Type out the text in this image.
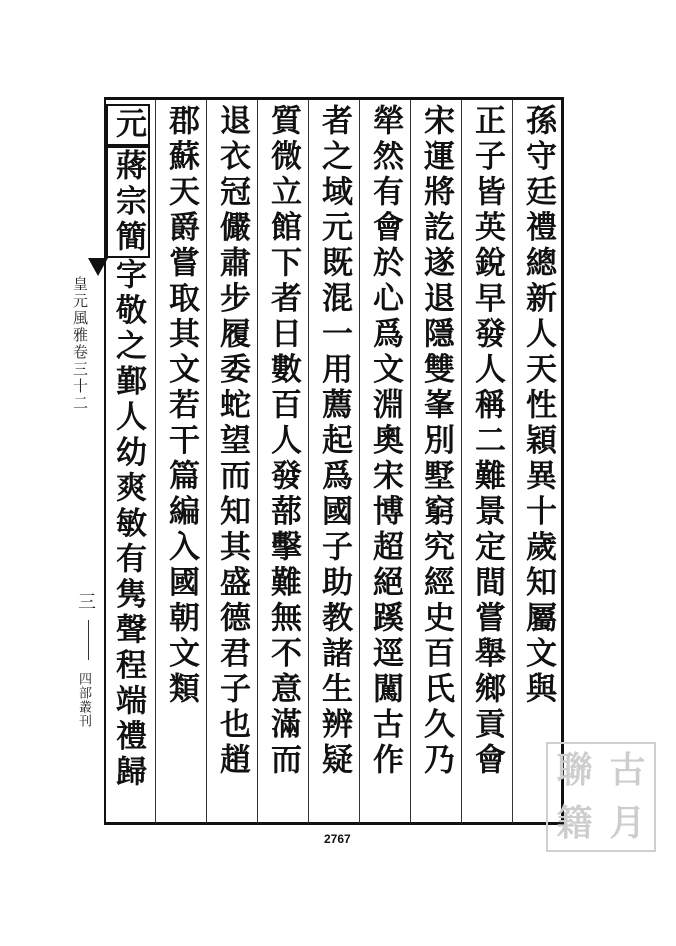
皇元風雅卷三十二
三
四部叢刊	孫守廷禮總新人天性穎異十歲知屬文與
正子皆英銳早發人稱二難景定間嘗舉鄉貢會
宋運將訖遂退隱雙峯別墅窮究經史百氏久乃
犖然有會於心爲文淵奧宋博超絕蹊逕闖古作
者之域元既混一用薦起爲國子助教諸生辨疑
質微立館下者日數百人發蔀擊難無不意滿而
退衣冠儼肅步履委蛇望而知其盛德君子也趙
郡蘇天爵嘗取其文若干篇編入國朝文類
元蔣宗簡字敬之鄞人幼爽敏有隽聲程端禮歸
2767
聯 古
籍 月
